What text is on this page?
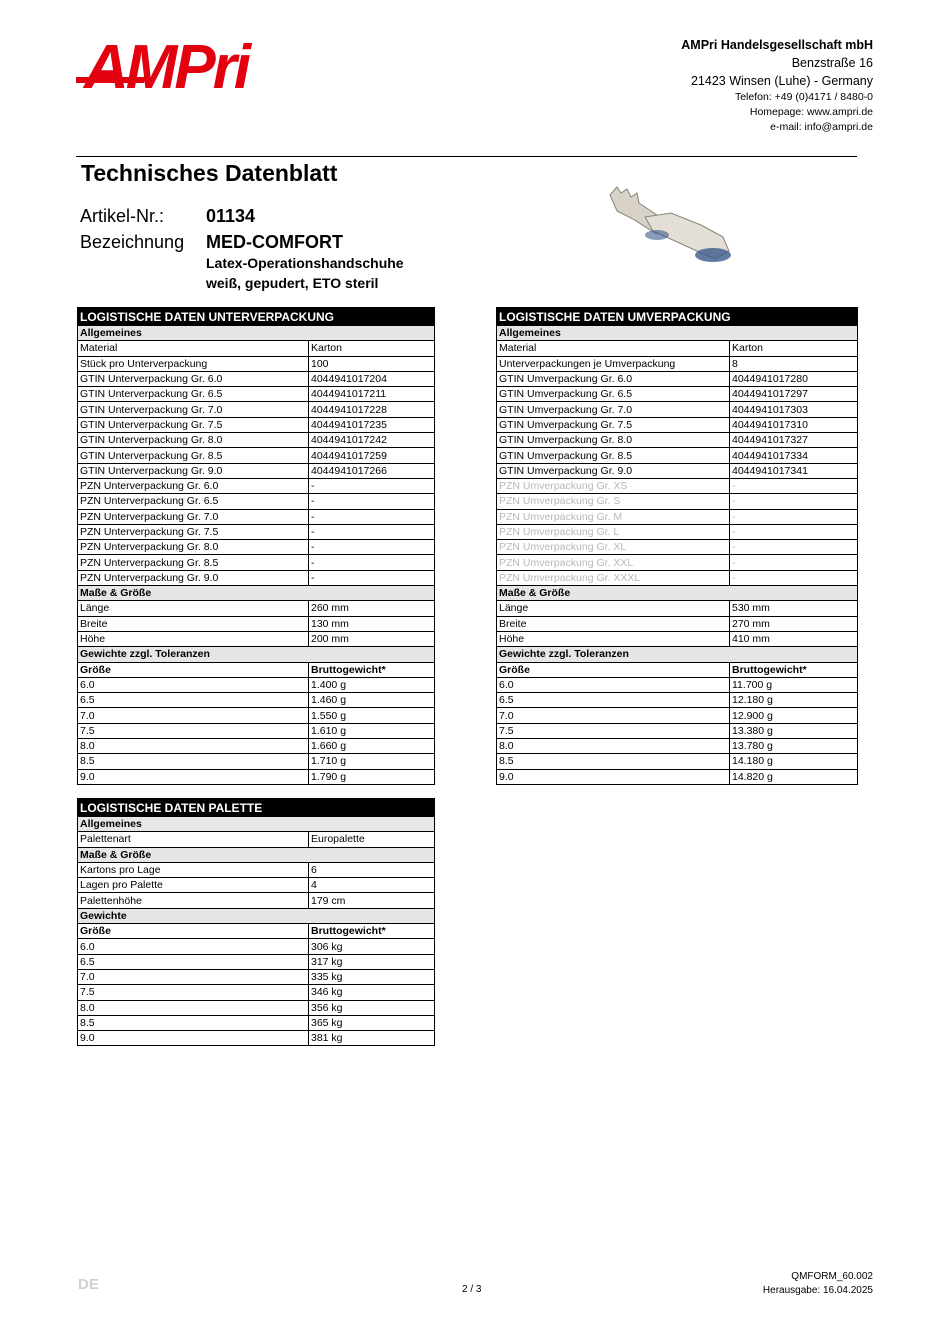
AMPri	AMPri Handelsgesellschaft mbH
Benzstraße 16
21423 Winsen (Luhe) - Germany
Telefon: +49 (0)4171 / 8480-0
Homepage: www.ampri.de
e-mail: info@ampri.de
Technisches Datenblatt
Artikel-Nr.: 01134
Bezeichnung MED-COMFORT
Latex-Operationshandschuhe
weiß, gepudert, ETO steril
LOGISTISCHE DATEN UNTERVERPACKUNG	
Allgemeines	
Material	Karton
Stück pro Unterverpackung	100
GTIN Unterverpackung Gr. 6.0	4044941017204
GTIN Unterverpackung Gr. 6.5	4044941017211
GTIN Unterverpackung Gr. 7.0	4044941017228
GTIN Unterverpackung Gr. 7.5	4044941017235
GTIN Unterverpackung Gr. 8.0	4044941017242
GTIN Unterverpackung Gr. 8.5	4044941017259
GTIN Unterverpackung Gr. 9.0	4044941017266
PZN Unterverpackung Gr. 6.0	-
PZN Unterverpackung Gr. 6.5	-
PZN Unterverpackung Gr. 7.0	-
PZN Unterverpackung Gr. 7.5	-
PZN Unterverpackung Gr. 8.0	-
PZN Unterverpackung Gr. 8.5	-
PZN Unterverpackung Gr. 9.0	-
Maße & Größe	
Länge	260 mm
Breite	130 mm
Höhe	200 mm
Gewichte zzgl. Toleranzen	
Größe	Bruttogewicht*
6.0	1.400 g
6.5	1.460 g
7.0	1.550 g
7.5	1.610 g
8.0	1.660 g
8.5	1.710 g
9.0	1.790 g
LOGISTISCHE DATEN UMVERPACKUNG	
Allgemeines	
Material	Karton
Unterverpackungen je Umverpackung	8
GTIN Umverpackung Gr. 6.0	4044941017280
GTIN Umverpackung Gr. 6.5	4044941017297
GTIN Umverpackung Gr. 7.0	4044941017303
GTIN Umverpackung Gr. 7.5	4044941017310
GTIN Umverpackung Gr. 8.0	4044941017327
GTIN Umverpackung Gr. 8.5	4044941017334
GTIN Umverpackung Gr. 9.0	4044941017341
PZN Umverpackung Gr. XS	-
PZN Umverpackung Gr. S	-
PZN Umverpackung Gr. M	-
PZN Umverpackung Gr. L	-
PZN Umverpackung Gr. XL	-
PZN Umverpackung Gr. XXL	-
PZN Umverpackung Gr. XXXL	-
Maße & Größe	
Länge	530 mm
Breite	270 mm
Höhe	410 mm
Gewichte zzgl. Toleranzen	
Größe	Bruttogewicht*
6.0	11.700 g
6.5	12.180 g
7.0	12.900 g
7.5	13.380 g
8.0	13.780 g
8.5	14.180 g
9.0	14.820 g
LOGISTISCHE DATEN PALETTE	
Allgemeines	
Palettenart	Europalette
Maße & Größe	
Kartons pro Lage	6
Lagen pro Palette	4
Palettenhöhe	179 cm
Gewichte	
Größe	Bruttogewicht*
6.0	306 kg
6.5	317 kg
7.0	335 kg
7.5	346 kg
8.0	356 kg
8.5	365 kg
9.0	381 kg
DE	2 / 3
QMFORM_60.002
Herausgabe: 16.04.2025
